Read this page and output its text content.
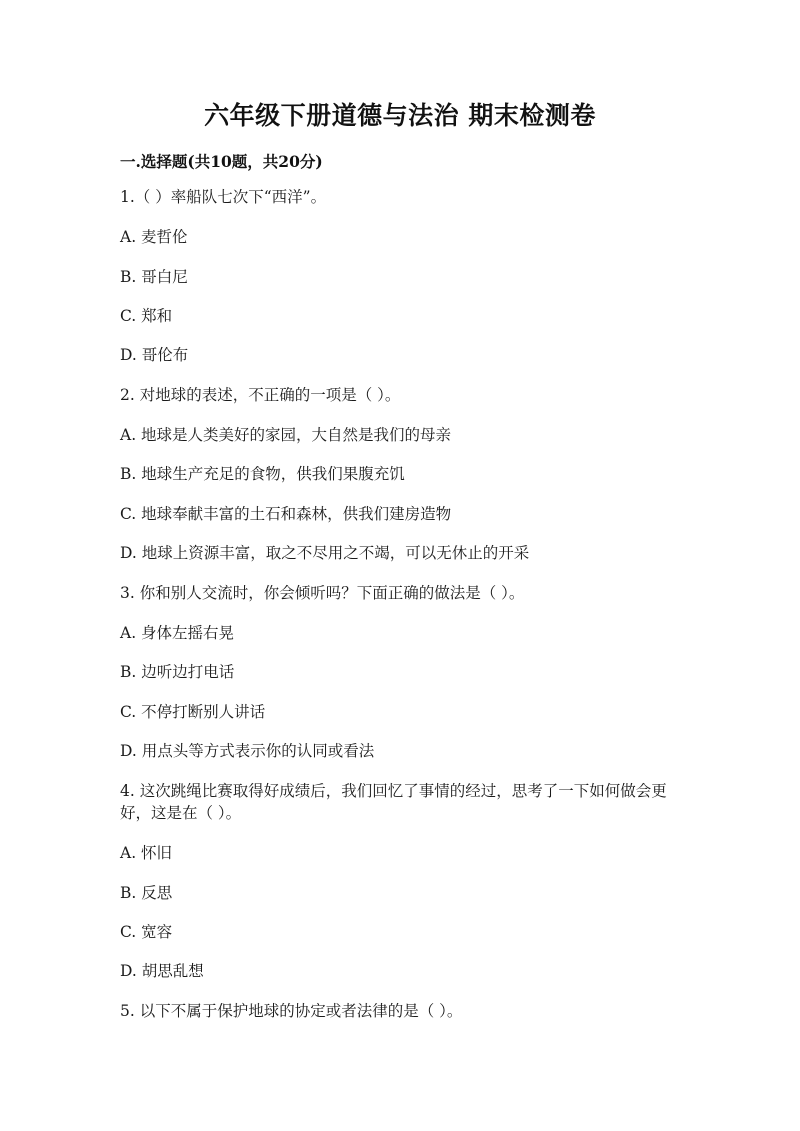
六年级下册道德与法治 期末检测卷

一.选择题(共10题，共20分)

1.（ ）率船队七次下“西洋”。

A. 麦哲伦

B. 哥白尼

C. 郑和

D. 哥伦布

2. 对地球的表述，不正确的一项是（ ）。

A. 地球是人类美好的家园，大自然是我们的母亲

B. 地球生产充足的食物，供我们果腹充饥

C. 地球奉献丰富的土石和森林，供我们建房造物

D. 地球上资源丰富，取之不尽用之不竭，可以无休止的开采

3. 你和别人交流时，你会倾听吗？下面正确的做法是（ ）。

A. 身体左摇右晃

B. 边听边打电话

C. 不停打断别人讲话

D. 用点头等方式表示你的认同或看法

4. 这次跳绳比赛取得好成绩后，我们回忆了事情的经过，思考了一下如何做会更好，这是在（ ）。

A. 怀旧

B. 反思

C. 宽容

D. 胡思乱想

5. 以下不属于保护地球的协定或者法律的是（ ）。
